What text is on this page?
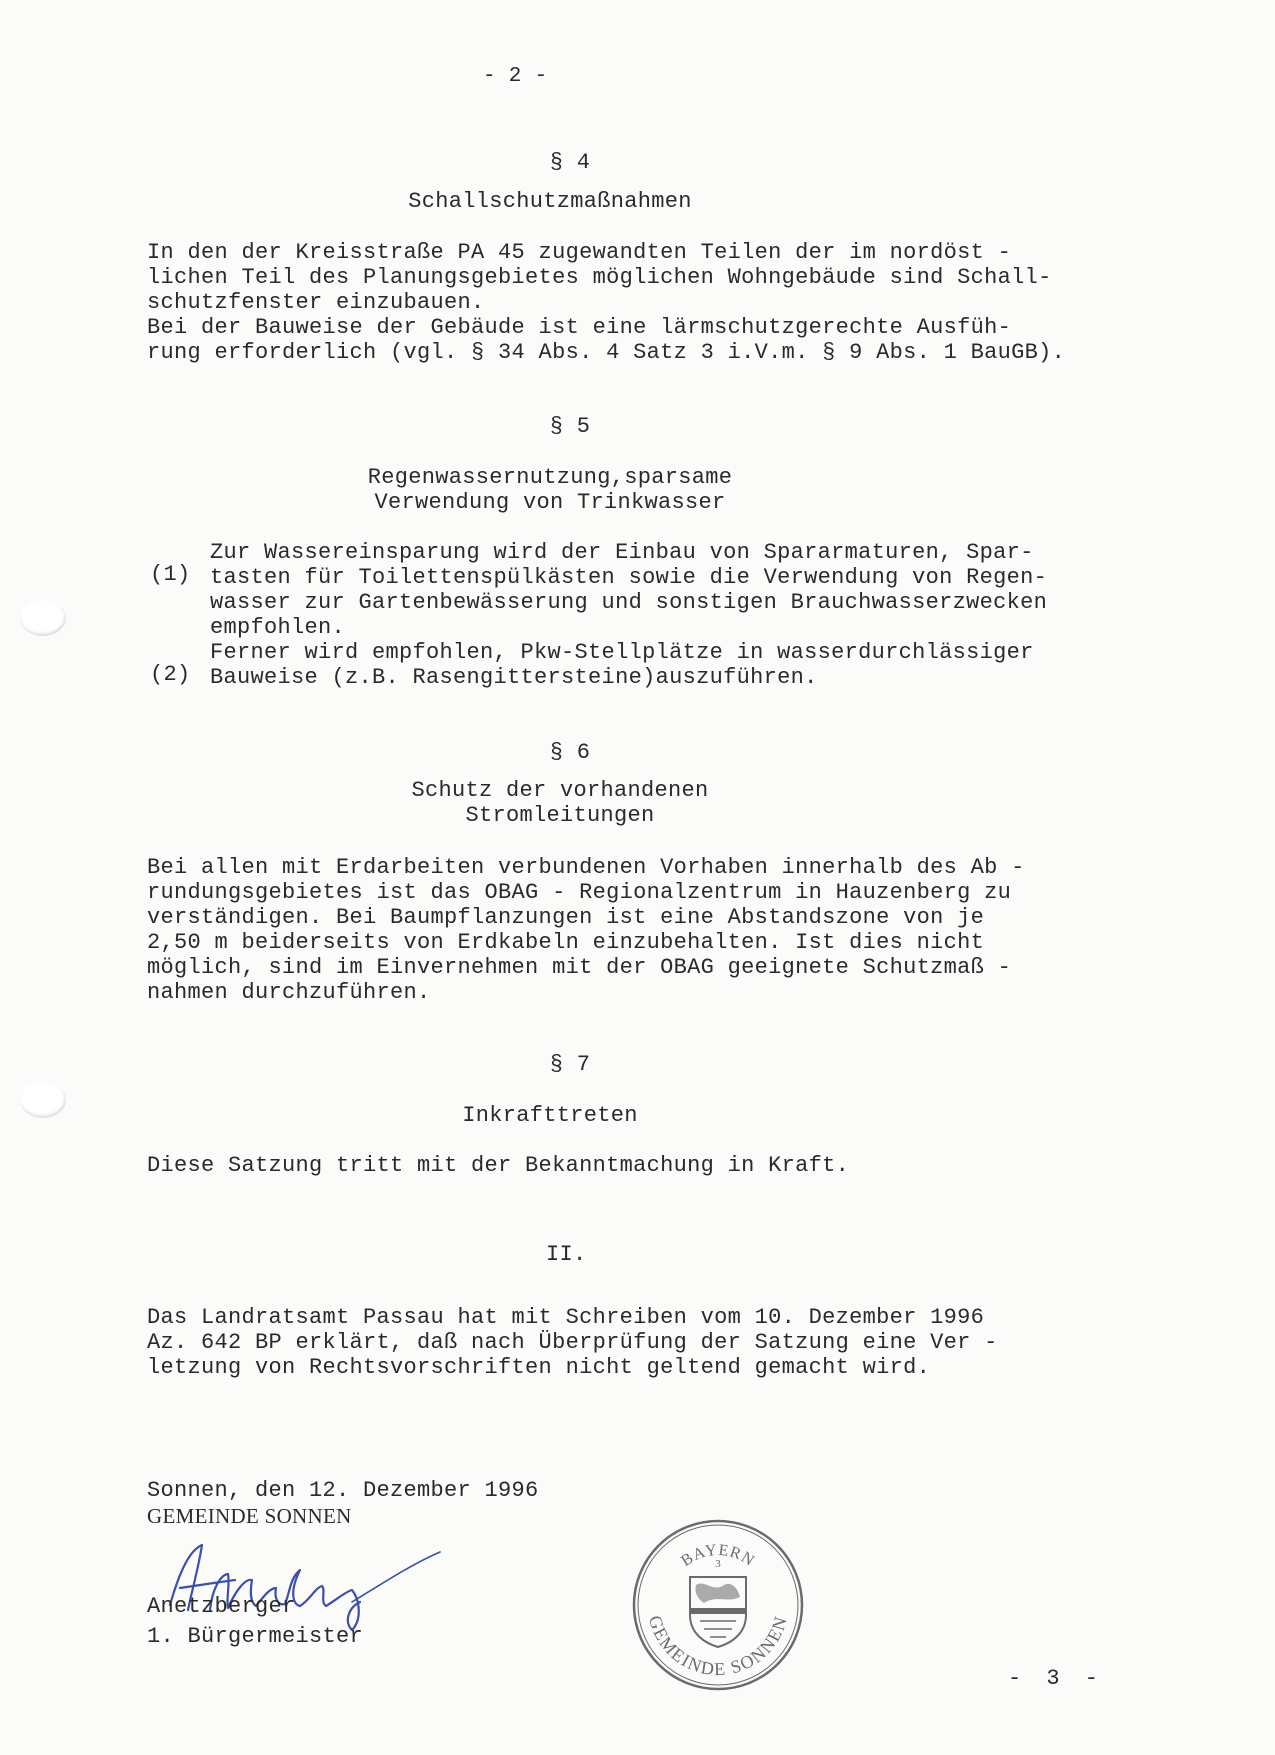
- 2 -

§ 4

Schallschutzmaßnahmen

In den der Kreisstraße PA 45 zugewandten Teilen der im nordöst -

lichen Teil des Planungsgebietes möglichen Wohngebäude sind Schall-

schutzfenster einzubauen.

Bei der Bauweise der Gebäude ist eine lärmschutzgerechte Ausfüh-

rung erforderlich (vgl. § 34 Abs. 4 Satz 3 i.V.m. § 9 Abs. 1 BauGB).

§ 5

Regenwassernutzung,sparsame

Verwendung von Trinkwasser

(1)

Zur Wassereinsparung wird der Einbau von Spararmaturen, Spar-

tasten für Toilettenspülkästen sowie die Verwendung von Regen-

wasser zur Gartenbewässerung und sonstigen Brauchwasserzwecken

empfohlen.

(2)

Ferner wird empfohlen, Pkw-Stellplätze in wasserdurchlässiger

Bauweise (z.B. Rasengittersteine)auszuführen.

§ 6

Schutz der vorhandenen

Stromleitungen

Bei allen mit Erdarbeiten verbundenen Vorhaben innerhalb des Ab -

rundungsgebietes ist das OBAG - Regionalzentrum in Hauzenberg zu

verständigen. Bei Baumpflanzungen ist eine Abstandszone von je

2,50 m beiderseits von Erdkabeln einzubehalten. Ist dies nicht

möglich, sind im Einvernehmen mit der OBAG geeignete Schutzmaß -

nahmen durchzuführen.

§ 7

Inkrafttreten

Diese Satzung tritt mit der Bekanntmachung in Kraft.

II.

Das Landratsamt Passau hat mit Schreiben vom 10. Dezember 1996

Az. 642 BP erklärt, daß nach Überprüfung der Satzung eine Ver -

letzung von Rechtsvorschriften nicht geltend gemacht wird.

Sonnen, den 12. Dezember 1996

GEMEINDE SONNEN

Anetzberger

1. Bürgermeister

BAYERN
GEMEINDE SONNEN
3

- 3 -
